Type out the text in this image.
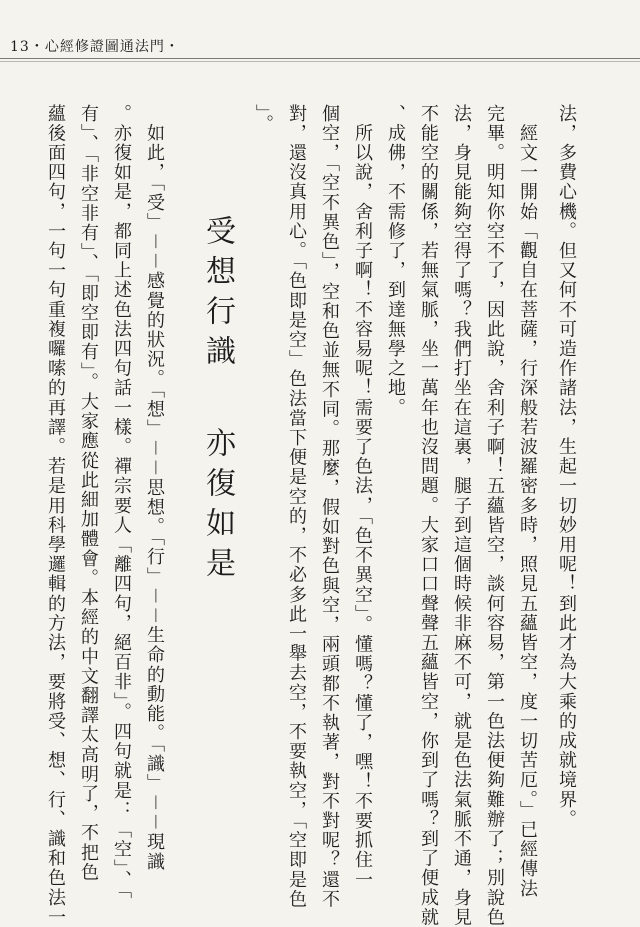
13・心經修證圖通法門・
法，多費心機。但又何不可造作諸法，生起一切妙用呢！到此才為大乘的成就境界。
　經文一開始「觀自在菩薩，行深般若波羅密多時，照見五蘊皆空，度一切苦厄。」已經傳法
完畢。明知你空不了，因此說，舍利子啊！五蘊皆空，談何容易，第一色法便夠難辦了；別說色
法，身見能夠空得了嗎？我們打坐在這裏，腿子到這個時候非麻不可，就是色法氣脈不通，身見
不能空的關係，若無氣脈，坐一萬年也沒問題。大家口口聲聲五蘊皆空，你到了嗎？到了便成就
、成佛，不需修了，到達無學之地。
　所以說，舍利子啊！不容易呢！需要了色法，「色不異空」。懂嗎？懂了，嘿！不要抓住一
個空，「空不異色」，空和色並無不同。那麼，假如對色與空，兩頭都不執著，對不對呢？還不
對，還沒真用心。「色即是空」色法當下便是空的，不必多此一舉去空，不要執空，「空即是色
」。
受想行識亦復如是
　如此，「受」－－感覺的狀況。「想」－－思想。「行」－－生命的動能。「識」－－現識
。亦復如是，都同上述色法四句話一樣。禪宗要人「離四句，絕百非」。四句就是：「空」、「
有」、「非空非有」、「即空即有」。大家應從此細加體會。本經的中文翻譯太高明了，不把色
蘊後面四句，一句一句重複囉嗦的再譯。若是用科學邏輯的方法，要將受、想、行、識和色法一
